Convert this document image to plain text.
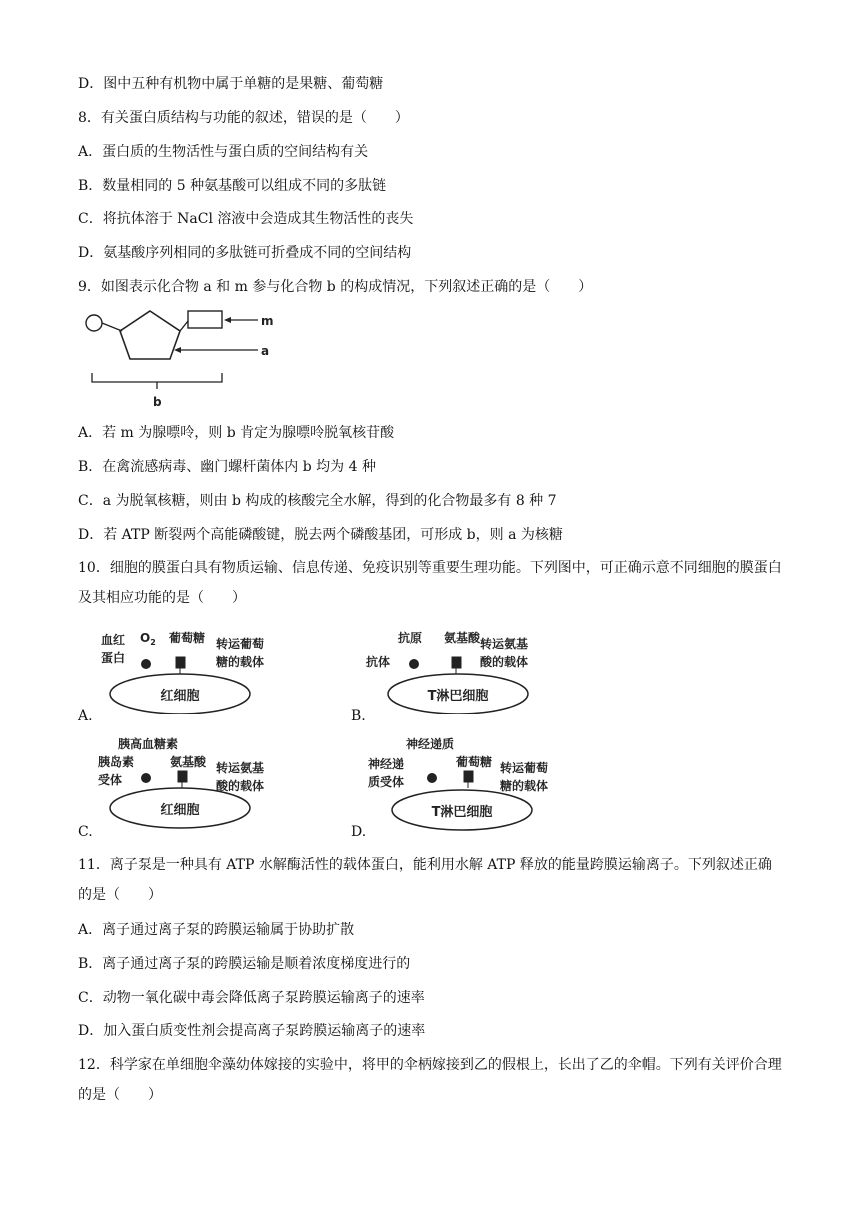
D．图中五种有机物中属于单糖的是果糖、葡萄糖
8．有关蛋白质结构与功能的叙述，错误的是（　　）
A．蛋白质的生物活性与蛋白质的空间结构有关
B．数量相同的 5 种氨基酸可以组成不同的多肽链
C．将抗体溶于 NaCl 溶液中会造成其生物活性的丧失
D．氨基酸序列相同的多肽链可折叠成不同的空间结构
9．如图表示化合物 a 和 m 参与化合物 b 的构成情况，下列叙述正确的是（　　）
m
a
b
A．若 m 为腺嘌呤，则 b 肯定为腺嘌呤脱氧核苷酸
B．在禽流感病毒、幽门螺杆菌体内 b 均为 4 种
C．a 为脱氧核糖，则由 b 构成的核酸完全水解，得到的化合物最多有 8 种 7
D．若 ATP 断裂两个高能磷酸键，脱去两个磷酸基团，可形成 b，则 a 为核糖
10．细胞的膜蛋白具有物质运输、信息传递、免疫识别等重要生理功能。下列图中，可正确示意不同细胞的膜蛋白及其相应功能的是（　　）
红细胞
血红
蛋白
$O_2$ 葡萄糖 转运葡萄
糖的载体
A.
T淋巴细胞
抗原
抗体
氨基酸 转运氨基
酸的载体
B.
红细胞
胰高血糖素
胰岛素
受体
氨基酸 转运氨基
酸的载体
C.
T淋巴细胞
神经递质
神经递
质受体
葡萄糖 转运葡萄
糖的载体
D.
11．离子泵是一种具有 ATP 水解酶活性的载体蛋白，能利用水解 ATP 释放的能量跨膜运输离子。下列叙述正确的是（　　）
A．离子通过离子泵的跨膜运输属于协助扩散
B．离子通过离子泵的跨膜运输是顺着浓度梯度进行的
C．动物一氧化碳中毒会降低离子泵跨膜运输离子的速率
D．加入蛋白质变性剂会提高离子泵跨膜运输离子的速率
12．科学家在单细胞伞藻幼体嫁接的实验中，将甲的伞柄嫁接到乙的假根上，长出了乙的伞帽。下列有关评价合理的是（　　）
